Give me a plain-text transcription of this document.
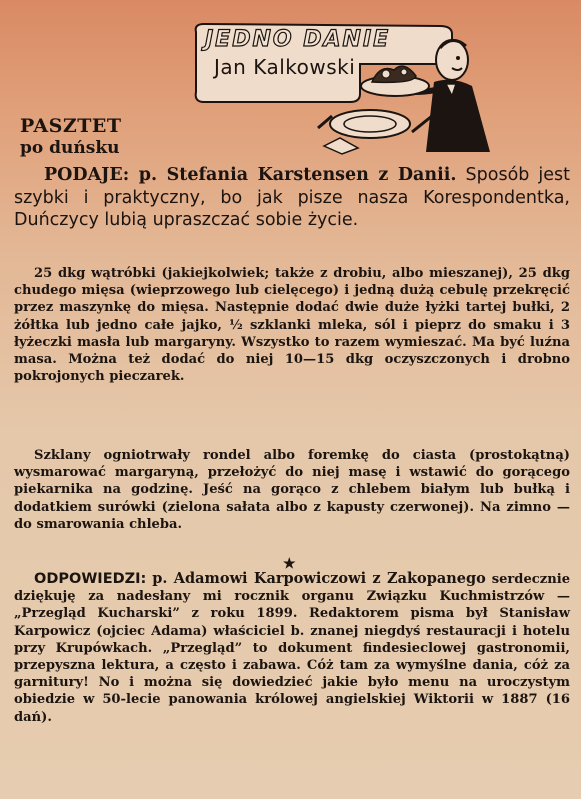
JEDNO DANIE
Jan Kalkowski
PASZTET
po duńsku
PODAJE: p. Stefania Karstensen z Danii. Sposób jest szybki i praktyczny, bo jak pisze nasza Korespondentka, Duńczycy lubią upraszczać sobie życie.

25 dkg wątróbki (jakiejkolwiek; także z drobiu, albo mieszanej), 25 dkg chudego mięsa (wieprzowego lub cielęcego) i jedną dużą cebulę przekręcić przez maszynkę do mięsa. Następnie dodać dwie duże łyżki tartej bułki, 2 żółtka lub jedno całe jajko, ½ szklanki mleka, sól i pieprz do smaku i 3 łyżeczki masła lub margaryny. Wszystko to razem wymieszać. Ma być luźna masa. Można też dodać do niej 10—15 dkg oczyszczonych i drobno pokrojonych pieczarek.

Szklany ogniotrwały rondel albo foremkę do ciasta (prostokątną) wysmarować margaryną, przełożyć do niej masę i wstawić do gorącego piekarnika na godzinę. Jeść na gorąco z chlebem białym lub bułką i dodatkiem surówki (zielona sałata albo z kapusty czerwonej). Na zimno — do smarowania chleba.

★

ODPOWIEDZI: p. Adamowi Karpowiczowi z Zakopanego serdecznie dziękuję za nadesłany mi rocznik organu Związku Kuchmistrzów — „Przegląd Kucharski” z roku 1899. Redaktorem pisma był Stanisław Karpowicz (ojciec Adama) właściciel b. znanej niegdyś restauracji i hotelu przy Krupówkach. „Przegląd” to dokument findesieclowej gastronomii, przepyszna lektura, a często i zabawa. Cóż tam za wymyślne dania, cóż za garnitury! No i można się dowiedzieć jakie było menu na uroczystym obiedzie w 50-lecie panowania królowej angielskiej Wiktorii w 1887 (16 dań).
